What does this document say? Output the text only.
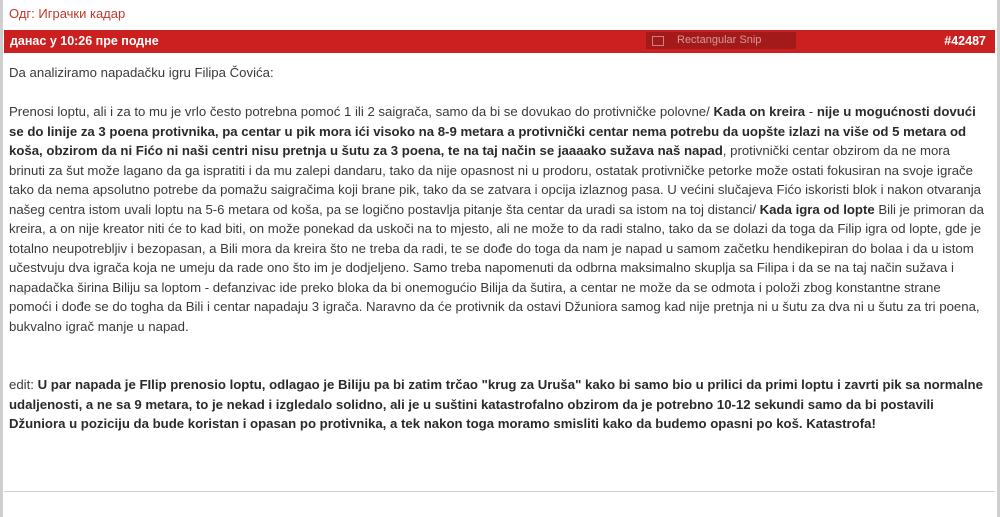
Одг: Играчки кадар
данас у 10:26 пре подне	Rectangular Snip	#42487

Da analiziramo napadačku igru Filipa Čovića:

Prenosi loptu, ali i za to mu je vrlo često potrebna pomoć 1 ili 2 saigrača, samo da bi se dovukao do protivničke polovne/ Kada on kreira - nije u mogućnosti dovući se do linije za 3 poena protivnika, pa centar u pik mora ići visoko na 8-9 metara a protivnički centar nema potrebu da uopšte izlazi na više od 5 metara od koša, obzirom da ni Fićo ni naši centri nisu pretnja u šutu za 3 poena, te na taj način se jaaaako sužava naš napad, protivnički centar obzirom da ne mora brinuti za šut može lagano da ga ispratiti i da mu zalepi dandaru, tako da nije opasnost ni u prodoru, ostatak protivničke petorke može ostati fokusiran na svoje igrače tako da nema apsolutno potrebe da pomažu saigračima koji brane pik, tako da se zatvara i opcija izlaznog pasa. U većini slučajeva Fićo iskoristi blok i nakon otvaranja našeg centra istom uvali loptu na 5-6 metara od koša, pa se logično postavlja pitanje šta centar da uradi sa istom na toj distanci/ Kada igra od lopte Bili je primoran da kreira, a on nije kreator niti će to kad biti, on može ponekad da uskoči na to mjesto, ali ne može to da radi stalno, tako da se dolazi da toga da Filip igra od lopte, gde je totalno neupotrebljiv i bezopasan, a Bili mora da kreira što ne treba da radi, te se dođe do toga da nam je napad u samom začetku hendikepiran do bolaa i da u istom učestvuju dva igrača koja ne umeju da rade ono što im je dodjeljeno. Samo treba napomenuti da odbrna maksimalno skuplja sa Filipa i da se na taj način sužava i napadačka širina Biliju sa loptom - defanzivac ide preko bloka da bi onemogućio Bilija da šutira, a centar ne može da se odmota i položi zbog konstantne strane pomoći i dođe se do togha da Bili i centar napadaju 3 igrača. Naravno da će protivnik da ostavi Džuniora samog kad nije pretnja ni u šutu za dva ni u šutu za tri poena, bukvalno igrač manje u napad.

edit: U par napada je FIlip prenosio loptu, odlagao je Biliju pa bi zatim trčao "krug za Uruša" kako bi samo bio u prilici da primi loptu i zavrti pik sa normalne udaljenosti, a ne sa 9 metara, to je nekad i izgledalo solidno, ali je u suštini katastrofalno obzirom da je potrebno 10-12 sekundi samo da bi postavili Džuniora u poziciju da bude koristan i opasan po protivnika, a tek nakon toga moramo smisliti kako da budemo opasni po koš. Katastrofa!
